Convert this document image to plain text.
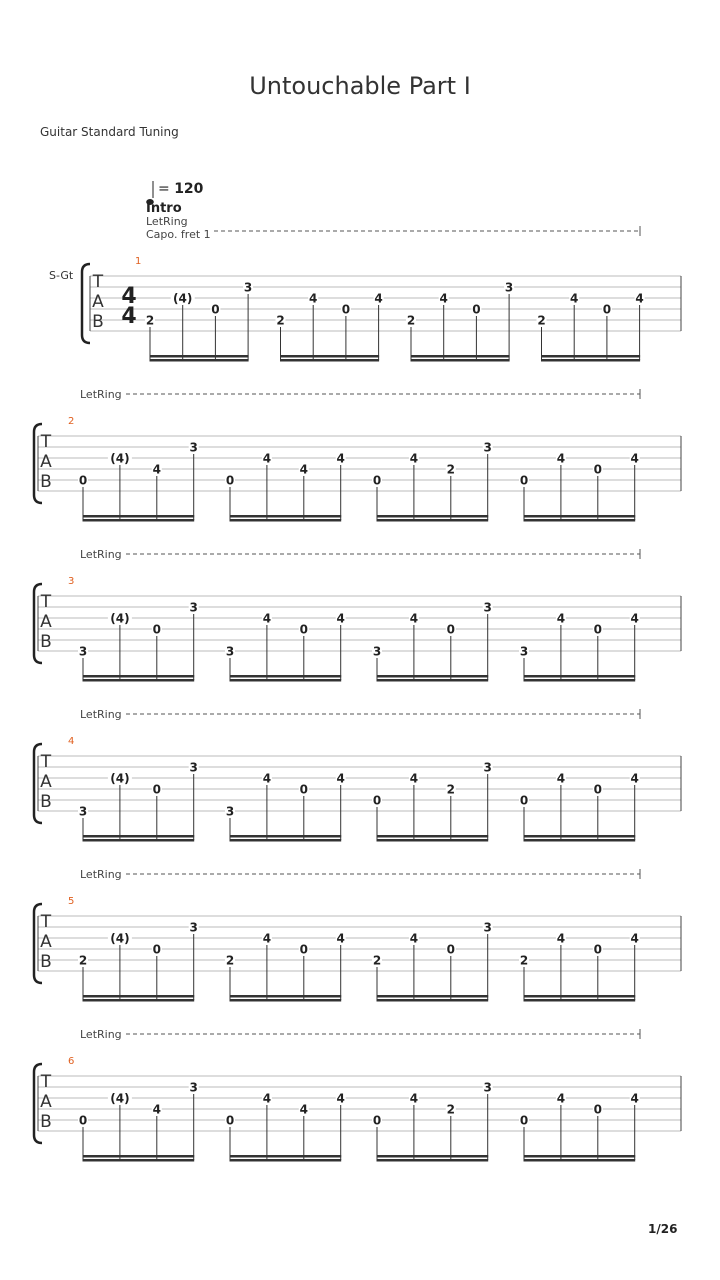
Untouchable Part I
Guitar Standard Tuning
= 120
Intro
LetRing
Capo. fret 1
S-Gt
1
T
A
B
4
4 2
(4)
0
3
2
4
0
4
2
4
0
3
2
4
0
4
LetRing
2
T
A
B 0
(4)
4
3
0
4
4
4
0
4
2
3
0
4
0
4
LetRing
3
T
A
B 3
(4)
0
3
3
4
0
4
3
4
0
3
3
4
0
4
LetRing
4
T
A
B 3
(4)
0
3
3
4
0
4
0
4
2
3
0
4
0
4
LetRing
5
T
A
B 2
(4)
0
3
2
4
0
4
2
4
0
3
2
4
0
4
LetRing
6
T
A
B 0
(4)
4
3
0
4
4
4
0
4
2
3
0
4
0
4
1/26
